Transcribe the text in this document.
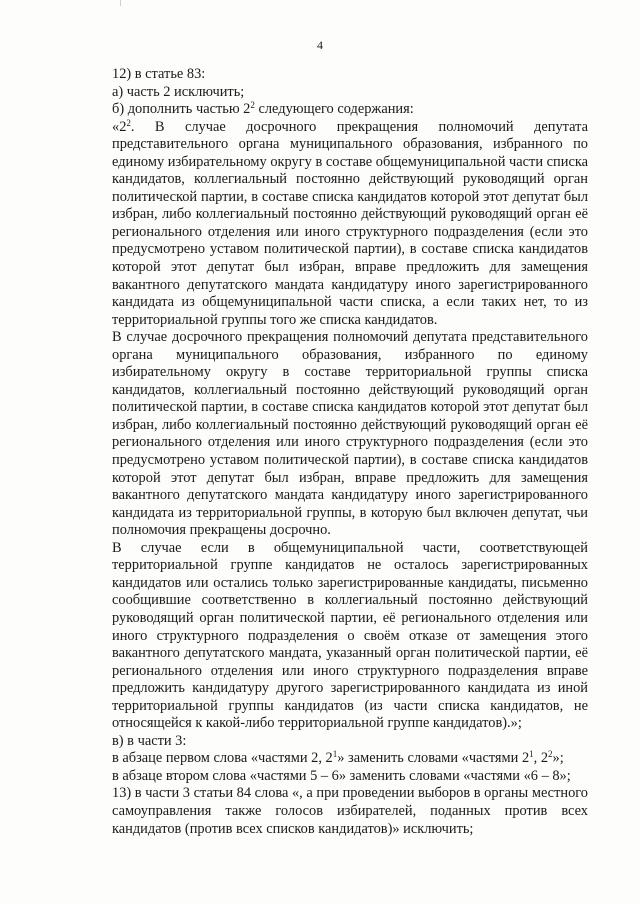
4

12) в статье 83:

а) часть 2 исключить;

б) дополнить частью $2^2$ следующего содержания:

«$2^2$. В случае досрочного прекращения полномочий депутата представительного органа муниципального образования, избранного по единому избирательному округу в составе общемуниципальной части списка кандидатов, коллегиальный постоянно действующий руководящий орган политической партии, в составе списка кандидатов которой этот депутат был избран, либо коллегиальный постоянно действующий руководящий орган её регионального отделения или иного структурного подразделения (если это предусмотрено уставом политической партии), в составе списка кандидатов которой этот депутат был избран, вправе предложить для замещения вакантного депутатского мандата кандидатуру иного зарегистрированного кандидата из общемуниципальной части списка, а если таких нет, то из территориальной группы того же списка кандидатов.

В случае досрочного прекращения полномочий депутата представительного органа муниципального образования, избранного по единому избирательному округу в составе территориальной группы списка кандидатов, коллегиальный постоянно действующий руководящий орган политической партии, в составе списка кандидатов которой этот депутат был избран, либо коллегиальный постоянно действующий руководящий орган её регионального отделения или иного структурного подразделения (если это предусмотрено уставом политической партии), в составе списка кандидатов которой этот депутат был избран, вправе предложить для замещения вакантного депутатского мандата кандидатуру иного зарегистрированного кандидата из территориальной группы, в которую был включен депутат, чьи полномочия прекращены досрочно.

В случае если в общемуниципальной части, соответствующей территориальной группе кандидатов не осталось зарегистрированных кандидатов или остались только зарегистрированные кандидаты, письменно сообщившие соответственно в коллегиальный постоянно действующий руководящий орган политической партии, её регионального отделения или иного структурного подразделения о своём отказе от замещения этого вакантного депутатского мандата, указанный орган политической партии, её регионального отделения или иного структурного подразделения вправе предложить кандидатуру другого зарегистрированного кандидата из иной территориальной группы кандидатов (из части списка кандидатов, не относящейся к какой-либо территориальной группе кандидатов).»;

в) в части 3:

в абзаце первом слова «частями 2, $2^1$» заменить словами «частями $2^1$, $2^2$»;

в абзаце втором слова «частями 5 – 6» заменить словами «частями «6 – 8»;

13) в части 3 статьи 84 слова «, а при проведении выборов в органы местного самоуправления также голосов избирателей, поданных против всех кандидатов (против всех списков кандидатов)» исключить;
